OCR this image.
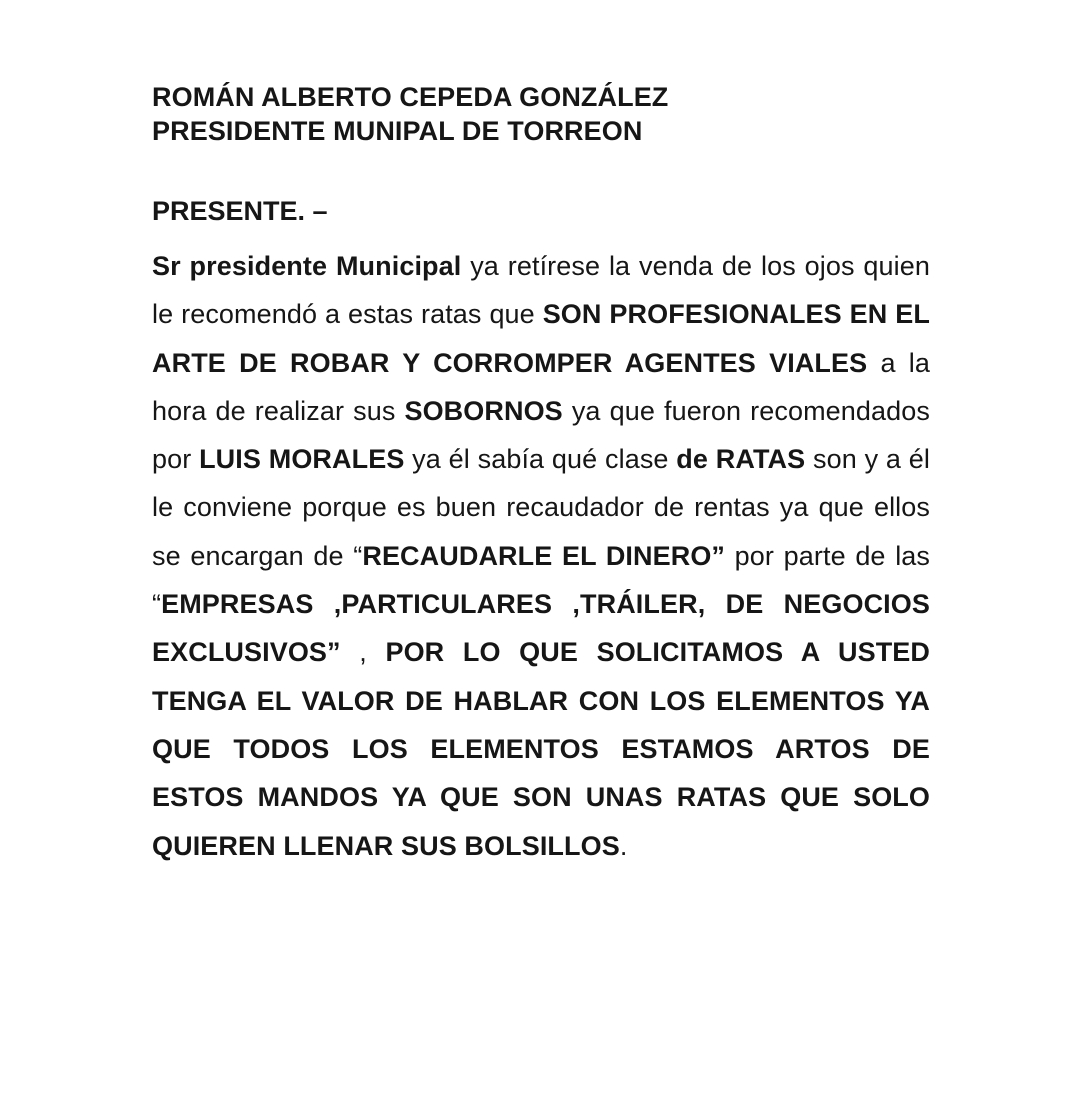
ROMÁN ALBERTO CEPEDA GONZÁLEZ
PRESIDENTE MUNIPAL DE TORREON
PRESENTE. –
Sr presidente Municipal ya retírese la venda de los ojos quien le recomendó a estas ratas que SON PROFESIONALES EN EL ARTE DE ROBAR Y CORROMPER AGENTES VIALES a la hora de realizar sus SOBORNOS ya que fueron recomendados por LUIS MORALES ya él sabía qué clase de RATAS son y a él le conviene porque es buen recaudador de rentas ya que ellos se encargan de “RECAUDARLE EL DINERO” por parte de las “EMPRESAS ,PARTICULARES ,TRÁILER, DE NEGOCIOS EXCLUSIVOS” , POR LO QUE SOLICITAMOS A USTED TENGA EL VALOR DE HABLAR CON LOS ELEMENTOS YA QUE TODOS LOS ELEMENTOS ESTAMOS ARTOS DE ESTOS MANDOS YA QUE SON UNAS RATAS QUE SOLO QUIEREN LLENAR SUS BOLSILLOS.
